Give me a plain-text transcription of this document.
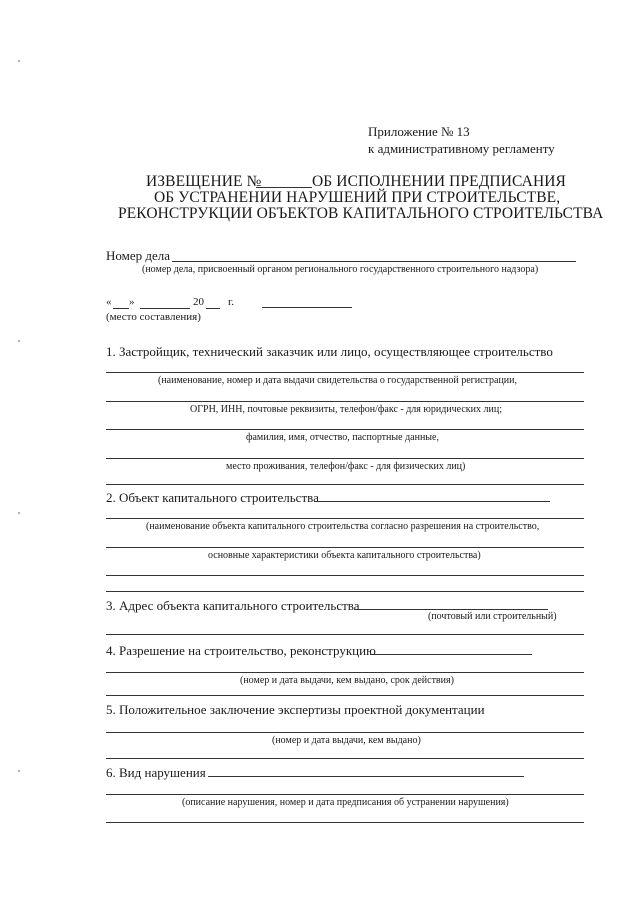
Приложение № 13
к административному регламенту
ИЗВЕЩЕНИЕ №	ОБ ИСПОЛНЕНИИ ПРЕДПИСАНИЯ
ОБ УСТРАНЕНИИ НАРУШЕНИЙ ПРИ СТРОИТЕЛЬСТВЕ,
РЕКОНСТРУКЦИИ ОБЪЕКТОВ КАПИТАЛЬНОГО СТРОИТЕЛЬСТВА
Номер дела
(номер дела, присвоенный органом регионального государственного строительного надзора)
« »	20 г.
(место составления)
1. Застройщик, технический заказчик или лицо, осуществляющее строительство
(наименование, номер и дата выдачи свидетельства о государственной регистрации,
ОГРН, ИНН, почтовые реквизиты, телефон/факс - для юридических лиц;
фамилия, имя, отчество, паспортные данные,
место проживания, телефон/факс - для физических лиц)
2. Объект капитального строительства
(наименование объекта капитального строительства согласно разрешения на строительство,
основные характеристики объекта капитального строительства)
3. Адрес объекта капитального строительства
(почтовый или строительный)
4. Разрешение на строительство, реконструкцию
(номер и дата выдачи, кем выдано, срок действия)
5. Положительное заключение экспертизы проектной документации
(номер и дата выдачи, кем выдано)
6. Вид нарушения
(описание нарушения, номер и дата предписания об устранении нарушения)
